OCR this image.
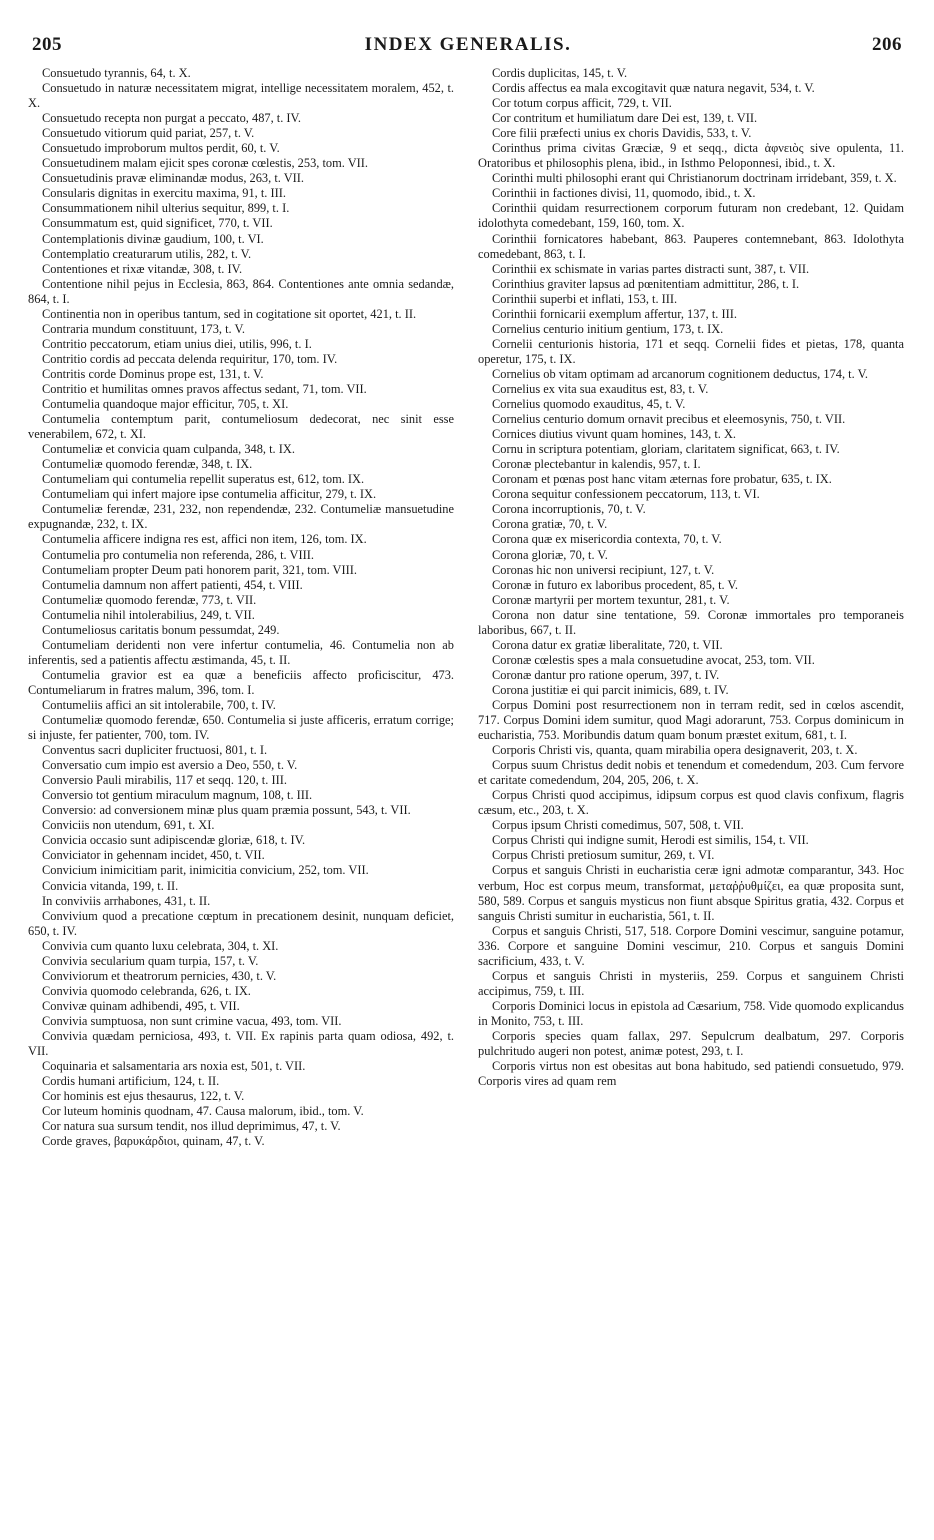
205	INDEX GENERALIS.	206

Consuetudo tyrannis, 64, t. X.

Consuetudo in naturæ necessitatem migrat, intellige necessitatem moralem, 452, t. X.

Consuetudo recepta non purgat a peccato, 487, t. IV.

Consuetudo vitiorum quid pariat, 257, t. V.

Consuetudo improborum multos perdit, 60, t. V.

Consuetudinem malam ejicit spes coronæ cœlestis, 253, tom. VII.

Consuetudinis pravæ eliminandæ modus, 263, t. VII.

Consularis dignitas in exercitu maxima, 91, t. III.

Consummationem nihil ulterius sequitur, 899, t. I.

Consummatum est, quid significet, 770, t. VII.

Contemplationis divinæ gaudium, 100, t. VI.

Contemplatio creaturarum utilis, 282, t. V.

Contentiones et rixæ vitandæ, 308, t. IV.

Contentione nihil pejus in Ecclesia, 863, 864. Contentiones ante omnia sedandæ, 864, t. I.

Continentia non in operibus tantum, sed in cogitatione sit oportet, 421, t. II.

Contraria mundum constituunt, 173, t. V.

Contritio peccatorum, etiam unius diei, utilis, 996, t. I.

Contritio cordis ad peccata delenda requiritur, 170, tom. IV.

Contritis corde Dominus prope est, 131, t. V.

Contritio et humilitas omnes pravos affectus sedant, 71, tom. VII.

Contumelia quandoque major efficitur, 705, t. XI.

Contumelia contemptum parit, contumeliosum dedecorat, nec sinit esse venerabilem, 672, t. XI.

Contumeliæ et convicia quam culpanda, 348, t. IX.

Contumeliæ quomodo ferendæ, 348, t. IX.

Contumeliam qui contumelia repellit superatus est, 612, tom. IX.

Contumeliam qui infert majore ipse contumelia afficitur, 279, t. IX.

Contumeliæ ferendæ, 231, 232, non rependendæ, 232. Contumeliæ mansuetudine expugnandæ, 232, t. IX.

Contumelia afficere indigna res est, affici non item, 126, tom. IX.

Contumelia pro contumelia non referenda, 286, t. VIII.

Contumeliam propter Deum pati honorem parit, 321, tom. VIII.

Contumelia damnum non affert patienti, 454, t. VIII.

Contumeliæ quomodo ferendæ, 773, t. VII.

Contumelia nihil intolerabilius, 249, t. VII.

Contumeliosus caritatis bonum pessumdat, 249.

Contumeliam deridenti non vere infertur contumelia, 46. Contumelia non ab inferentis, sed a patientis affectu æstimanda, 45, t. II.

Contumelia gravior est ea quæ a beneficiis affecto proficiscitur, 473. Contumeliarum in fratres malum, 396, tom. I.

Contumeliis affici an sit intolerabile, 700, t. IV.

Contumeliæ quomodo ferendæ, 650. Contumelia si juste afficeris, erratum corrige; si injuste, fer patienter, 700, tom. IV.

Conventus sacri dupliciter fructuosi, 801, t. I.

Conversatio cum impio est aversio a Deo, 550, t. V.

Conversio Pauli mirabilis, 117 et seqq. 120, t. III.

Conversio tot gentium miraculum magnum, 108, t. III.

Conversio: ad conversionem minæ plus quam præmia possunt, 543, t. VII.

Conviciis non utendum, 691, t. XI.

Convicia occasio sunt adipiscendæ gloriæ, 618, t. IV.

Conviciator in gehennam incidet, 450, t. VII.

Convicium inimicitiam parit, inimicitia convicium, 252, tom. VII.

Convicia vitanda, 199, t. II.

In conviviis arrhabones, 431, t. II.

Convivium quod a precatione cœptum in precationem desinit, nunquam deficiet, 650, t. IV.

Convivia cum quanto luxu celebrata, 304, t. XI.

Convivia secularium quam turpia, 157, t. V.

Conviviorum et theatrorum pernicies, 430, t. V.

Convivia quomodo celebranda, 626, t. IX.

Convivæ quinam adhibendi, 495, t. VII.

Convivia sumptuosa, non sunt crimine vacua, 493, tom. VII.

Convivia quædam perniciosa, 493, t. VII. Ex rapinis parta quam odiosa, 492, t. VII.

Coquinaria et salsamentaria ars noxia est, 501, t. VII.

Cordis humani artificium, 124, t. II.

Cor hominis est ejus thesaurus, 122, t. V.

Cor luteum hominis quodnam, 47. Causa malorum, ibid., tom. V.

Cor natura sua sursum tendit, nos illud deprimimus, 47, t. V.

Corde graves, βαρυκάρδιοι, quinam, 47, t. V.

Cordis duplicitas, 145, t. V.

Cordis affectus ea mala excogitavit quæ natura negavit, 534, t. V.

Cor totum corpus afficit, 729, t. VII.

Cor contritum et humiliatum dare Dei est, 139, t. VII.

Core filii præfecti unius ex choris Davidis, 533, t. V.

Corinthus prima civitas Græciæ, 9 et seqq., dicta ἀφνειὸς sive opulenta, 11. Oratoribus et philosophis plena, ibid., in Isthmo Peloponnesi, ibid., t. X.

Corinthi multi philosophi erant qui Christianorum doctrinam irridebant, 359, t. X.

Corinthii in factiones divisi, 11, quomodo, ibid., t. X.

Corinthii quidam resurrectionem corporum futuram non credebant, 12. Quidam idolothyta comedebant, 159, 160, tom. X.

Corinthii fornicatores habebant, 863. Pauperes contemnebant, 863. Idolothyta comedebant, 863, t. I.

Corinthii ex schismate in varias partes distracti sunt, 387, t. VII.

Corinthius graviter lapsus ad pœnitentiam admittitur, 286, t. I.

Corinthii superbi et inflati, 153, t. III.

Corinthii fornicarii exemplum affertur, 137, t. III.

Cornelius centurio initium gentium, 173, t. IX.

Cornelii centurionis historia, 171 et seqq. Cornelii fides et pietas, 178, quanta operetur, 175, t. IX.

Cornelius ob vitam optimam ad arcanorum cognitionem deductus, 174, t. V.

Cornelius ex vita sua exauditus est, 83, t. V.

Cornelius quomodo exauditus, 45, t. V.

Cornelius centurio domum ornavit precibus et eleemosynis, 750, t. VII.

Cornices diutius vivunt quam homines, 143, t. X.

Cornu in scriptura potentiam, gloriam, claritatem significat, 663, t. IV.

Coronæ plectebantur in kalendis, 957, t. I.

Coronam et pœnas post hanc vitam æternas fore probatur, 635, t. IX.

Corona sequitur confessionem peccatorum, 113, t. VI.

Corona incorruptionis, 70, t. V.

Corona gratiæ, 70, t. V.

Corona quæ ex misericordia contexta, 70, t. V.

Corona gloriæ, 70, t. V.

Coronas hic non universi recipiunt, 127, t. V.

Coronæ in futuro ex laboribus procedent, 85, t. V.

Coronæ martyrii per mortem texuntur, 281, t. V.

Corona non datur sine tentatione, 59. Coronæ immortales pro temporaneis laboribus, 667, t. II.

Corona datur ex gratiæ liberalitate, 720, t. VII.

Coronæ cœlestis spes a mala consuetudine avocat, 253, tom. VII.

Coronæ dantur pro ratione operum, 397, t. IV.

Corona justitiæ ei qui parcit inimicis, 689, t. IV.

Corpus Domini post resurrectionem non in terram redit, sed in cœlos ascendit, 717. Corpus Domini idem sumitur, quod Magi adorarunt, 753. Corpus dominicum in eucharistia, 753. Moribundis datum quam bonum præstet exitum, 681, t. I.

Corporis Christi vis, quanta, quam mirabilia opera designaverit, 203, t. X.

Corpus suum Christus dedit nobis et tenendum et comedendum, 203. Cum fervore et caritate comedendum, 204, 205, 206, t. X.

Corpus Christi quod accipimus, idipsum corpus est quod clavis confixum, flagris cæsum, etc., 203, t. X.

Corpus ipsum Christi comedimus, 507, 508, t. VII.

Corpus Christi qui indigne sumit, Herodi est similis, 154, t. VII.

Corpus Christi pretiosum sumitur, 269, t. VI.

Corpus et sanguis Christi in eucharistia ceræ igni admotæ comparantur, 343. Hoc verbum, Hoc est corpus meum, transformat, μεταῤῥυθμίζει, ea quæ proposita sunt, 580, 589. Corpus et sanguis mysticus non fiunt absque Spiritus gratia, 432. Corpus et sanguis Christi sumitur in eucharistia, 561, t. II.

Corpus et sanguis Christi, 517, 518. Corpore Domini vescimur, sanguine potamur, 336. Corpore et sanguine Domini vescimur, 210. Corpus et sanguis Domini sacrificium, 433, t. V.

Corpus et sanguis Christi in mysteriis, 259. Corpus et sanguinem Christi accipimus, 759, t. III.

Corporis Dominici locus in epistola ad Cæsarium, 758. Vide quomodo explicandus in Monito, 753, t. III.

Corporis species quam fallax, 297. Sepulcrum dealbatum, 297. Corporis pulchritudo augeri non potest, animæ potest, 293, t. I.

Corporis virtus non est obesitas aut bona habitudo, sed patiendi consuetudo, 979. Corporis vires ad quam rem
